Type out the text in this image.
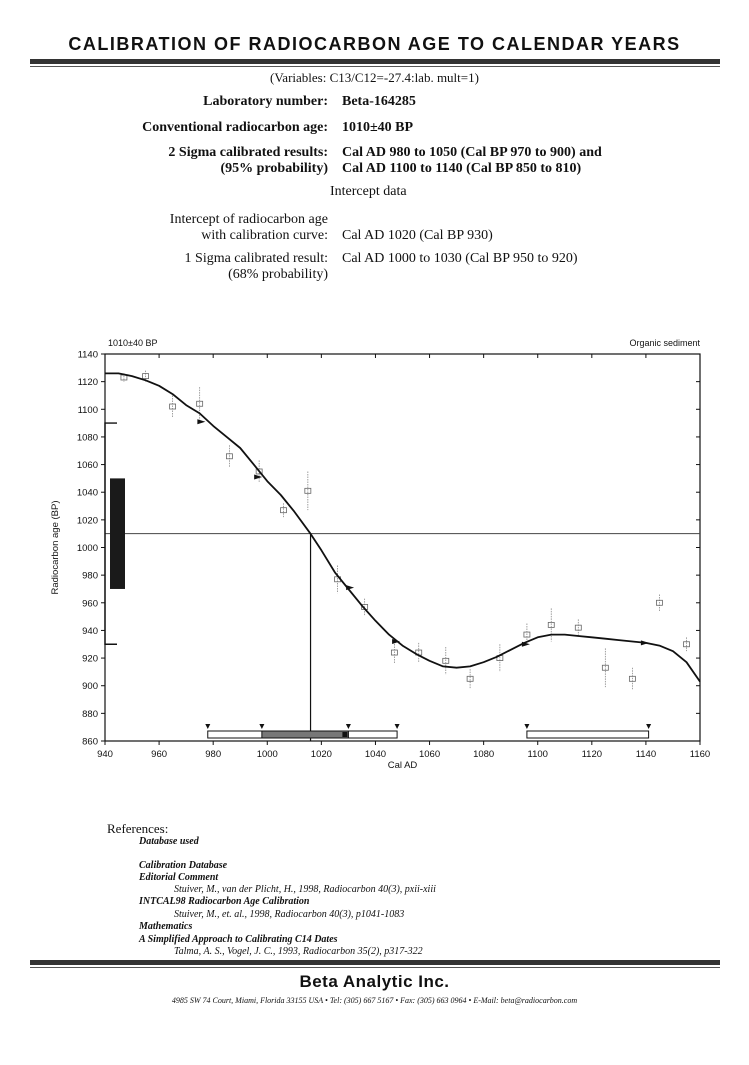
CALIBRATION OF RADIOCARBON AGE TO CALENDAR YEARS
(Variables: C13/C12=-27.4:lab. mult=1)
Laboratory number: Beta-164285
Conventional radiocarbon age: 1010±40 BP
2 Sigma calibrated results:
(95% probability)
Cal AD 980 to 1050 (Cal BP 970 to 900) and
Cal AD 1100 to 1140 (Cal BP 850 to 810)
Intercept data
Intercept of radiocarbon age
with calibration curve: Cal AD 1020 (Cal BP 930)
1 Sigma calibrated result:
(68% probability)
Cal AD 1000 to 1030 (Cal BP 950 to 920)
940	960	980	1000	1020	1040	1060	1080	1100	1120	1140	1160
860
880
900
920
940
960
980
1000
1020
1040
1060
1080
1100
1120
1140
1010±40 BP	Organic sediment
Cal AD
Radiocarbon age (BP)
References:
Database used
Calibration Database
Editorial Comment
Stuiver, M., van der Plicht, H., 1998, Radiocarbon 40(3), pxii-xiii
INTCAL98 Radiocarbon Age Calibration
Stuiver, M., et. al., 1998, Radiocarbon 40(3), p1041-1083
Mathematics
A Simplified Approach to Calibrating C14 Dates
Talma, A. S., Vogel, J. C., 1993, Radiocarbon 35(2), p317-322
Beta Analytic Inc.
4985 SW 74 Court, Miami, Florida 33155 USA • Tel: (305) 667 5167 • Fax: (305) 663 0964 • E-Mail: beta@radiocarbon.com
